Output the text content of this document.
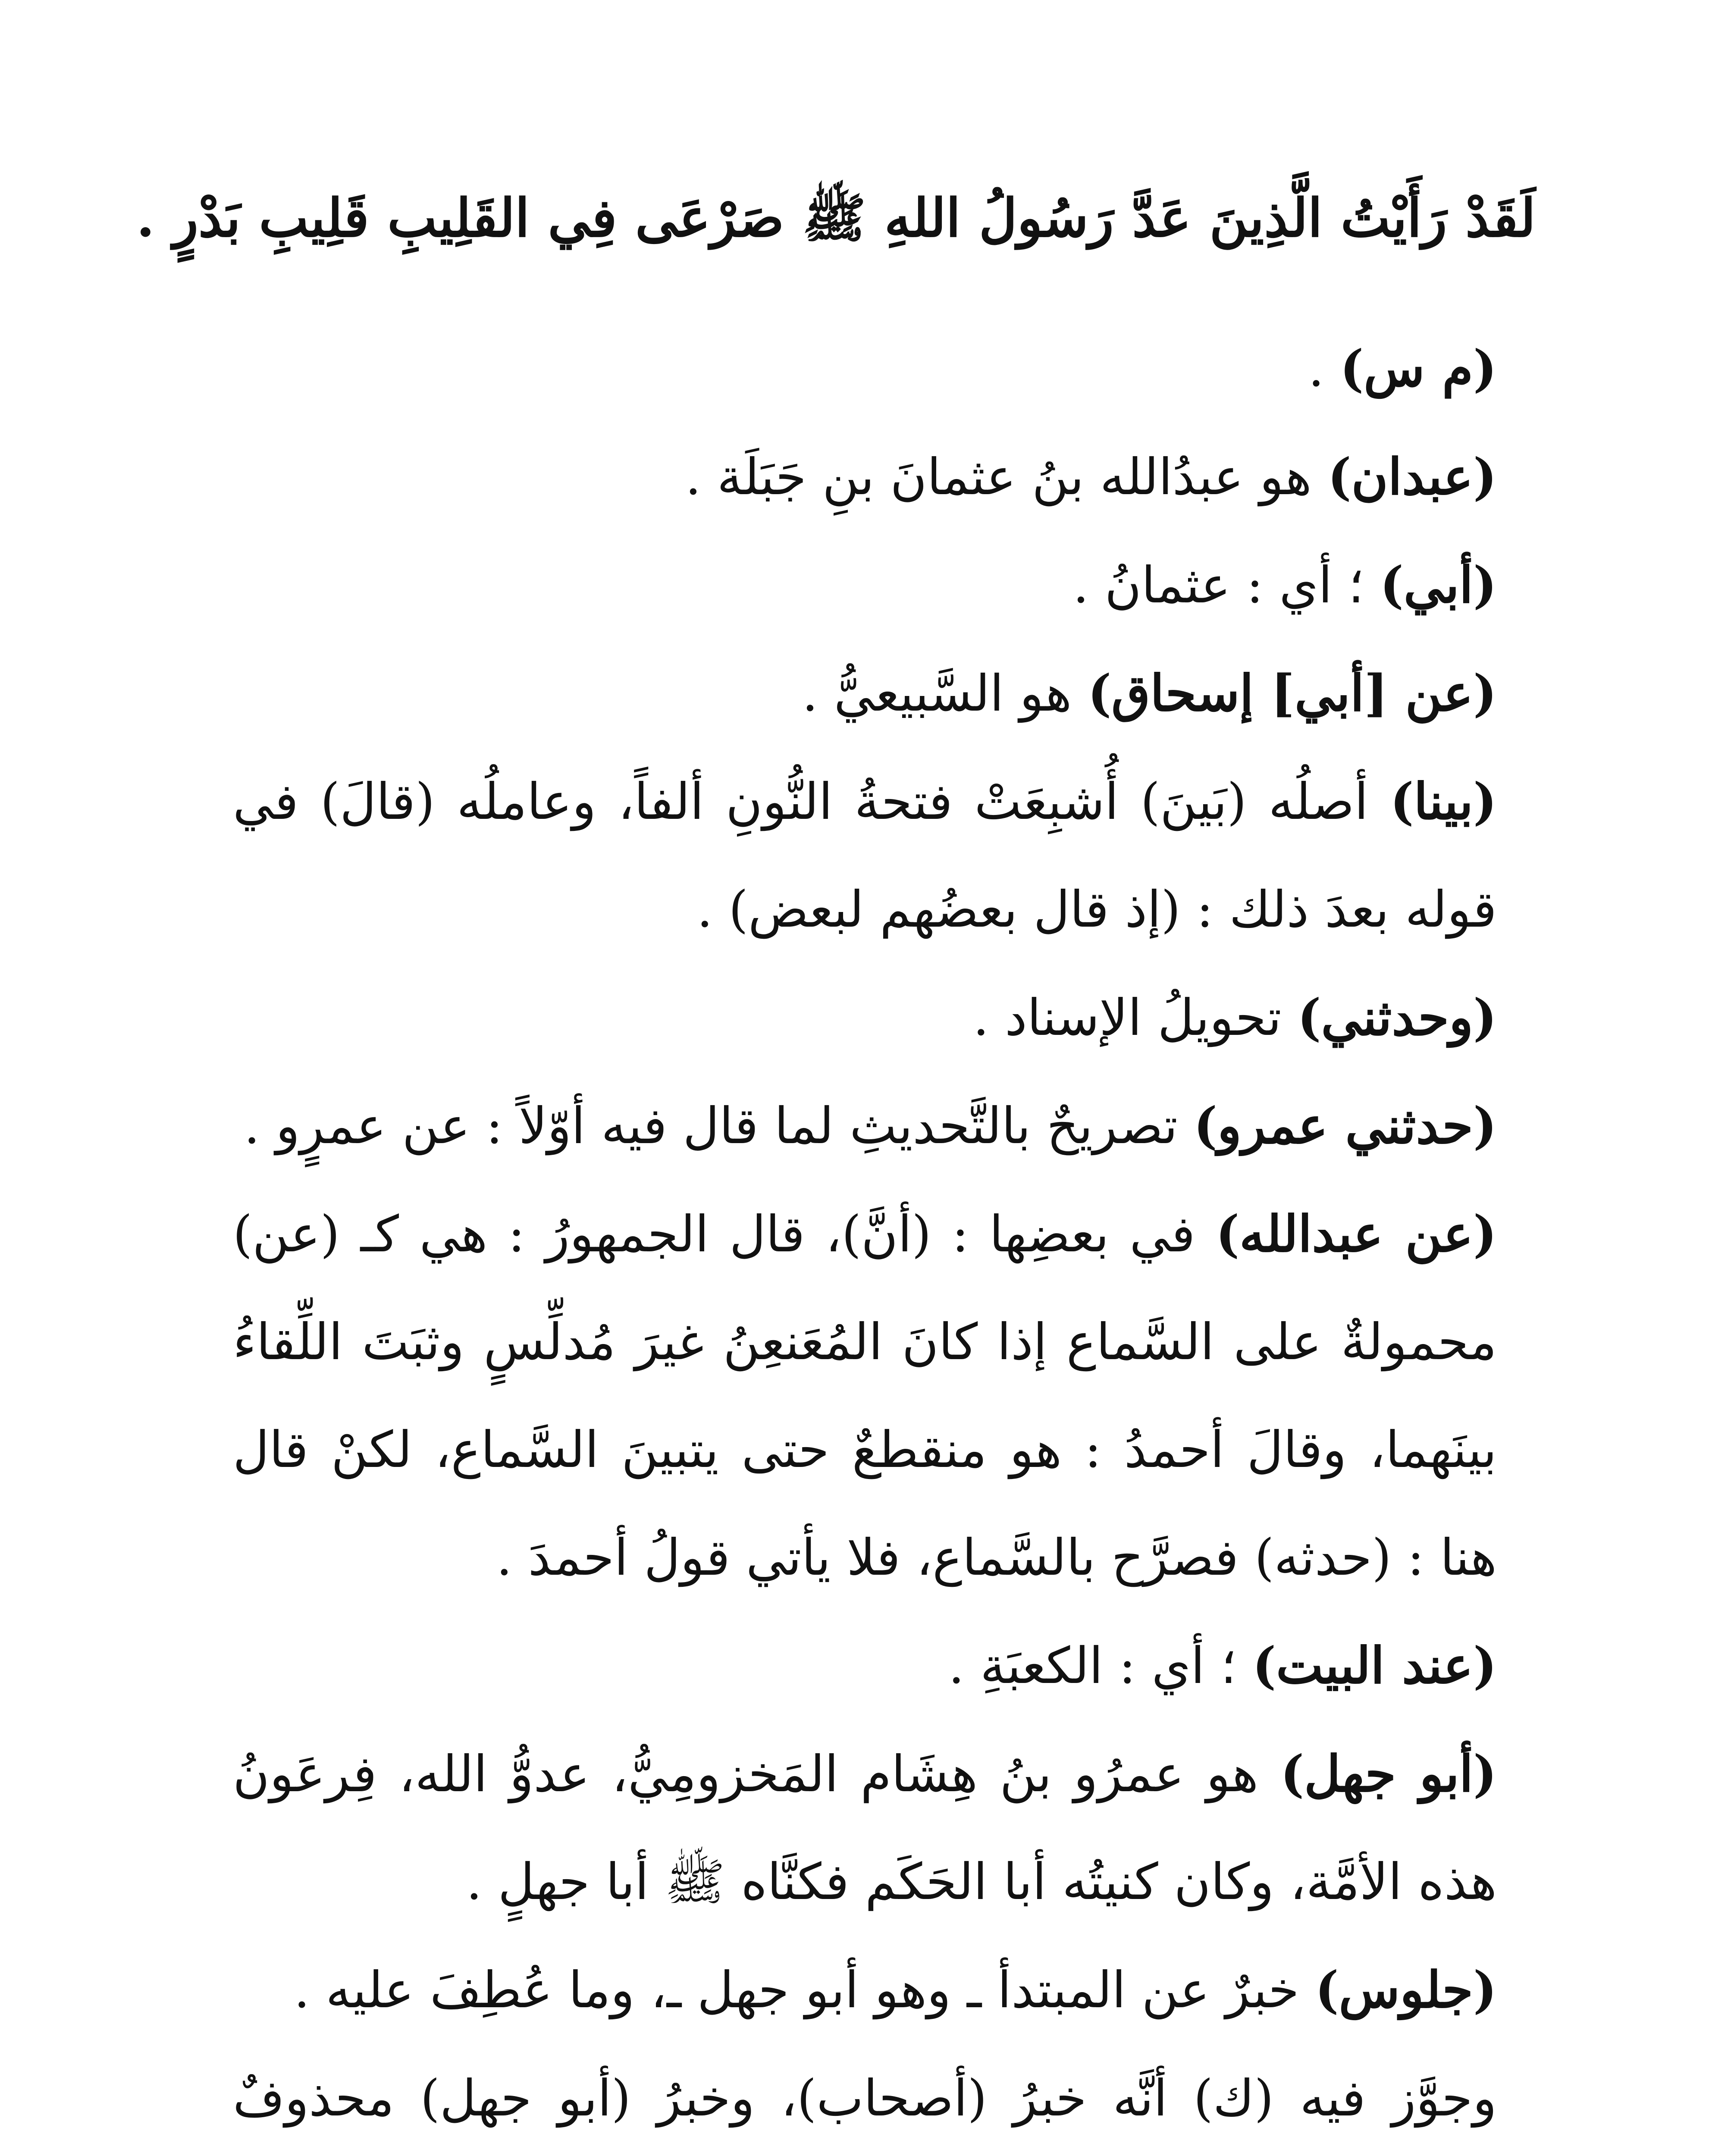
لَقَدْ رَأَيْتُ الَّذِينَ عَدَّ رَسُولُ اللهِ ﷺ صَرْعَى فِي القَلِيبِ قَلِيبِ بَدْرٍ .

(م س) .

(عبدان) هو عبدُالله بنُ عثمانَ بنِ جَبَلَة .

(أبي) ؛ أي : عثمانُ .

(عن [أبي] إسحاق) هو السَّبيعيُّ .

(بينا) أصلُه (بَينَ) أُشبِعَتْ فتحةُ النُّونِ ألفاً، وعاملُه (قالَ) في قوله بعدَ ذلك : (إذ قال بعضُهم لبعض) .

(وحدثني) تحويلُ الإسناد .

(حدثني عمرو) تصريحٌ بالتَّحديثِ لما قال فيه أوّلاً : عن عمرٍو .

(عن عبدالله) في بعضِها : (أنَّ)، قال الجمهورُ : هي كـ (عن) محمولةٌ على السَّماع إذا كانَ المُعَنعِنُ غيرَ مُدلِّسٍ وثبَتَ اللِّقاءُ بينَهما، وقالَ أحمدُ : هو منقطعٌ حتى يتبينَ السَّماع، لكنْ قال هنا : (حدثه) فصرَّح بالسَّماع، فلا يأتي قولُ أحمدَ .

(عند البيت) ؛ أي : الكعبَةِ .

(أبو جهل) هو عمرُو بنُ هِشَام المَخزومِيُّ، عدوُّ الله، فِرعَونُ هذه الأمَّة، وكان كنيتُه أبا الحَكَم فكنَّاه ﷺ أبا جهلٍ .

(جلوس) خبرٌ عن المبتدأ ـ وهو أبو جهل ـ، وما عُطِفَ عليه .

وجوَّز فيه (ك) أنَّه خبرُ (أصحاب)، وخبرُ (أبو جهل) محذوفٌ
